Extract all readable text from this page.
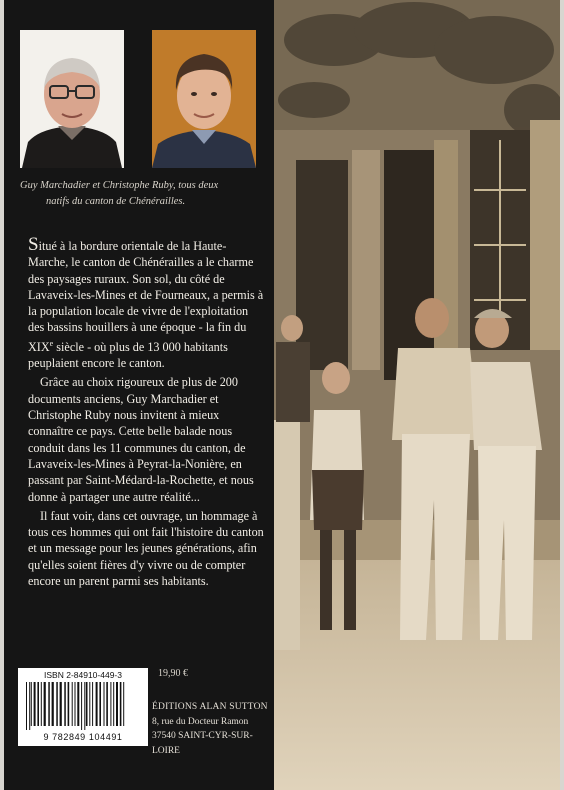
Guy Marchadier et Christophe Ruby, tous deux
natifs du canton de Chénérailles.

Situé à la bordure orientale de la Haute-Marche, le canton de Chénérailles a le charme des paysages ruraux. Son sol, du côté de Lavaveix-les-Mines et de Fourneaux, a permis à la population locale de vivre de l'exploitation des bassins houillers à une époque - la fin du XIXe siècle - où plus de 13 000 habitants peuplaient encore le canton.

Grâce au choix rigoureux de plus de 200 documents anciens, Guy Marchadier et Christophe Ruby nous invitent à mieux connaître ce pays. Cette belle balade nous conduit dans les 11 communes du canton, de Lavaveix-les-Mines à Peyrat-la-Nonière, en passant par Saint-Médard-la-Rochette, et nous donne à partager une autre réalité...

Il faut voir, dans cet ouvrage, un hommage à tous ces hommes qui ont fait l'histoire du canton et un message pour les jeunes générations, afin qu'elles soient fières d'y vivre ou de compter encore un parent parmi ses habitants.

ISBN 2-84910-449-3
9 782849 104491
19,90 €
ÉDITIONS ALAN SUTTON
8, rue du Docteur Ramon
37540 SAINT-CYR-SUR-LOIRE
